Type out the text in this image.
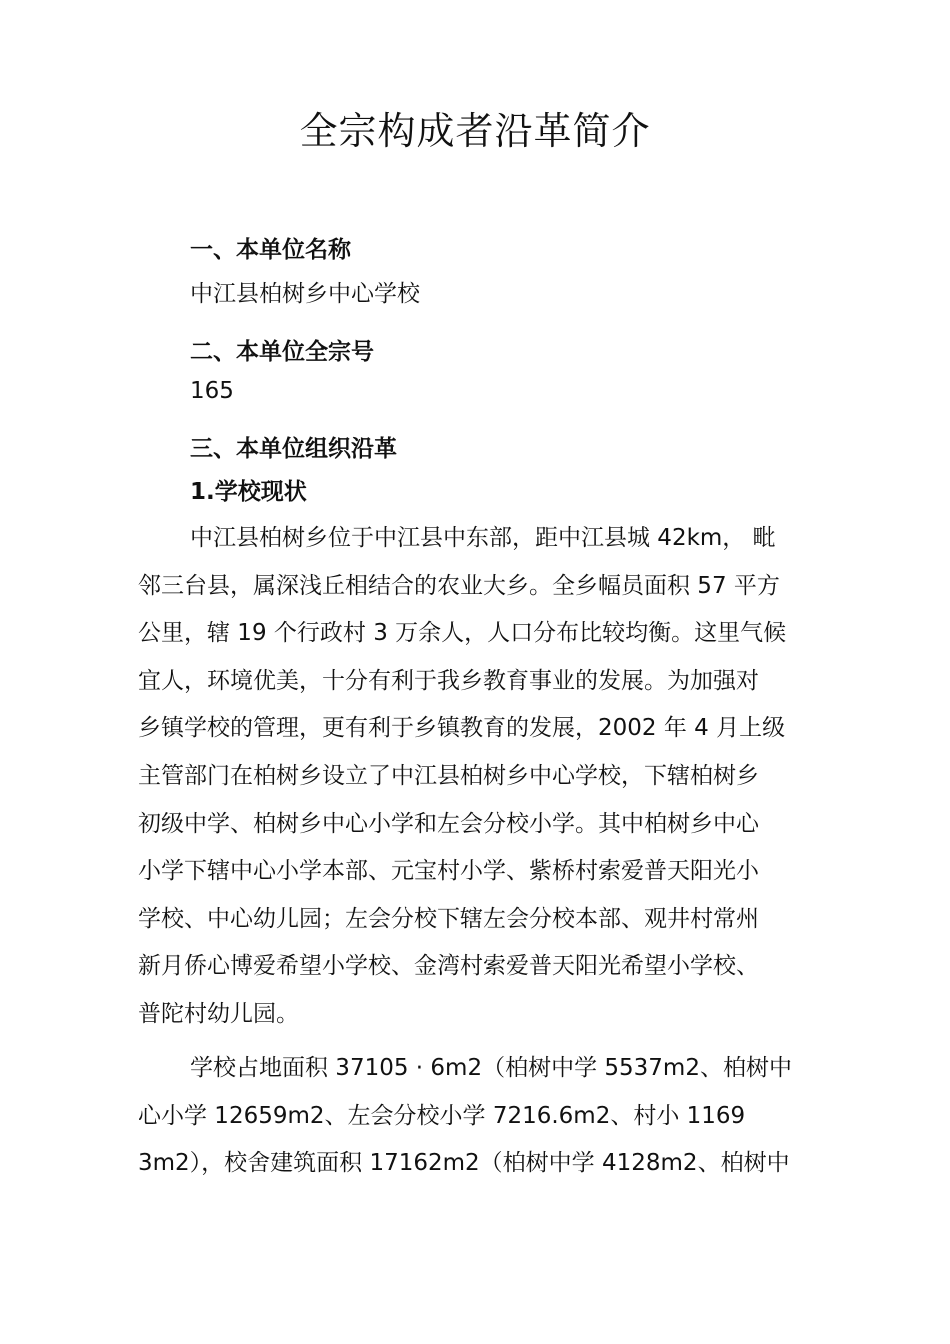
全宗构成者沿革简介

一、本单位名称

中江县柏树乡中心学校

二、本单位全宗号

165

三、本单位组织沿革

1.学校现状

中江县柏树乡位于中江县中东部，距中江县城 42km， 毗
邻三台县，属深浅丘相结合的农业大乡。全乡幅员面积 57 平方
公里，辖 19 个行政村 3 万余人，人口分布比较均衡。这里气候
宜人，环境优美，十分有利于我乡教育事业的发展。为加强对
乡镇学校的管理，更有利于乡镇教育的发展，2002 年 4 月上级
主管部门在柏树乡设立了中江县柏树乡中心学校，下辖柏树乡
初级中学、柏树乡中心小学和左会分校小学。其中柏树乡中心
小学下辖中心小学本部、元宝村小学、紫桥村索爱普天阳光小
学校、中心幼儿园；左会分校下辖左会分校本部、观井村常州
新月侨心博爱希望小学校、金湾村索爱普天阳光希望小学校、
普陀村幼儿园。
学校占地面积 37105 · 6m2（柏树中学 5537m2、柏树中
心小学 12659m2、左会分校小学 7216.6m2、村小 1169
3m2），校舍建筑面积 17162m2（柏树中学 4128m2、柏树中
